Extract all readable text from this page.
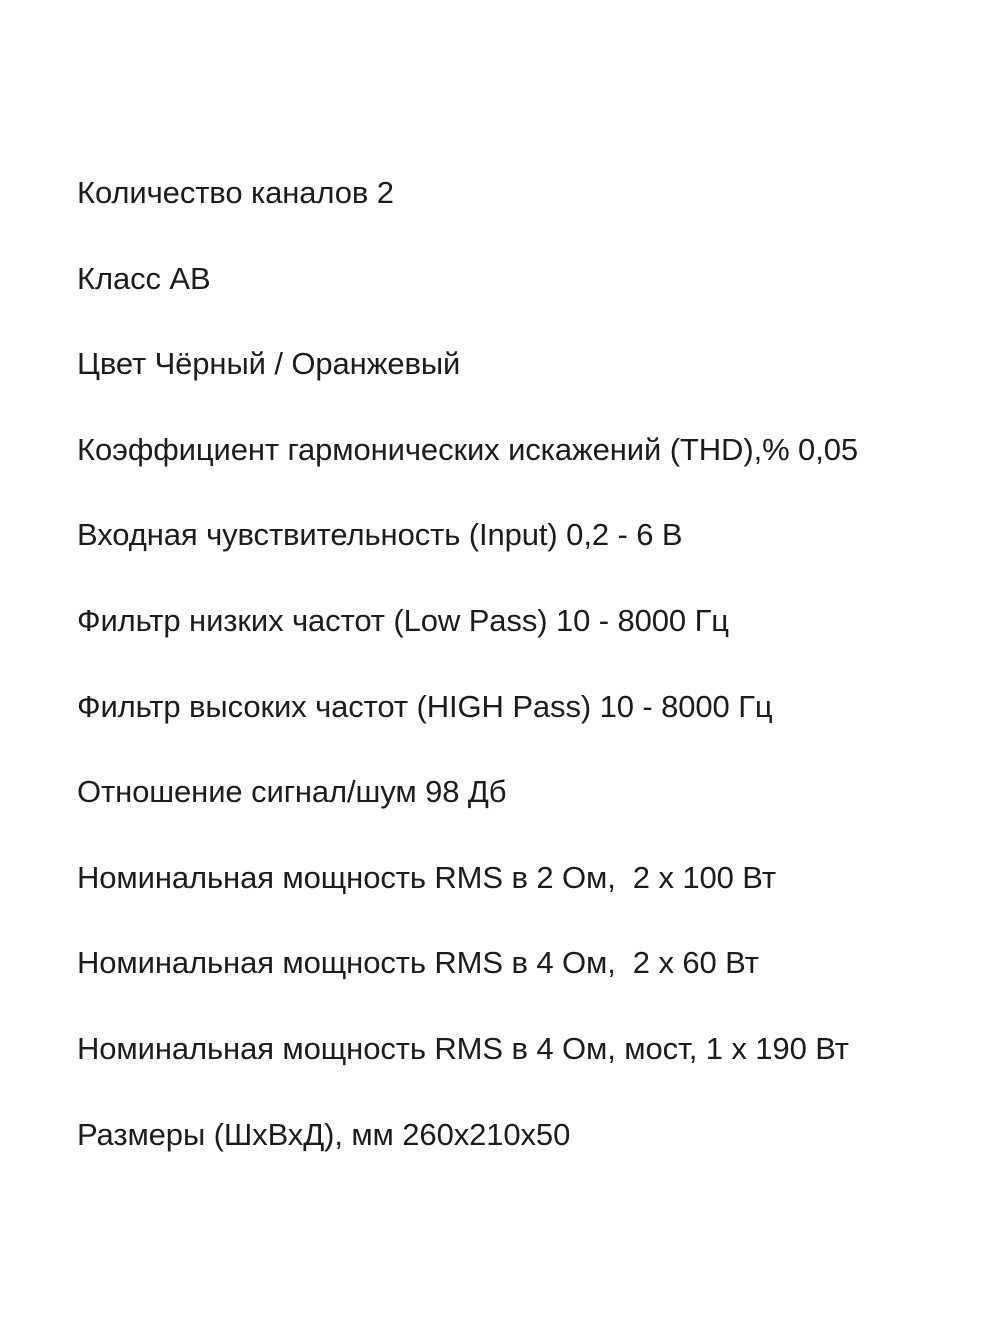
Количество каналов 2
Класс AB
Цвет Чёрный / Оранжевый
Коэффициент гармонических искажений (THD),% 0,05
Входная чувствительность (Input) 0,2 - 6 В
Фильтр низких частот (Low Pass) 10 - 8000 Гц
Фильтр высоких частот (HIGH Pass) 10 - 8000 Гц
Отношение сигнал/шум 98 Дб
Номинальная мощность RMS в 2 Ом,  2 х 100 Вт
Номинальная мощность RMS в 4 Ом,  2 х 60 Вт
Номинальная мощность RMS в 4 Ом, мост, 1 х 190 Вт
Размеры (ШхВхД), мм 260х210х50
